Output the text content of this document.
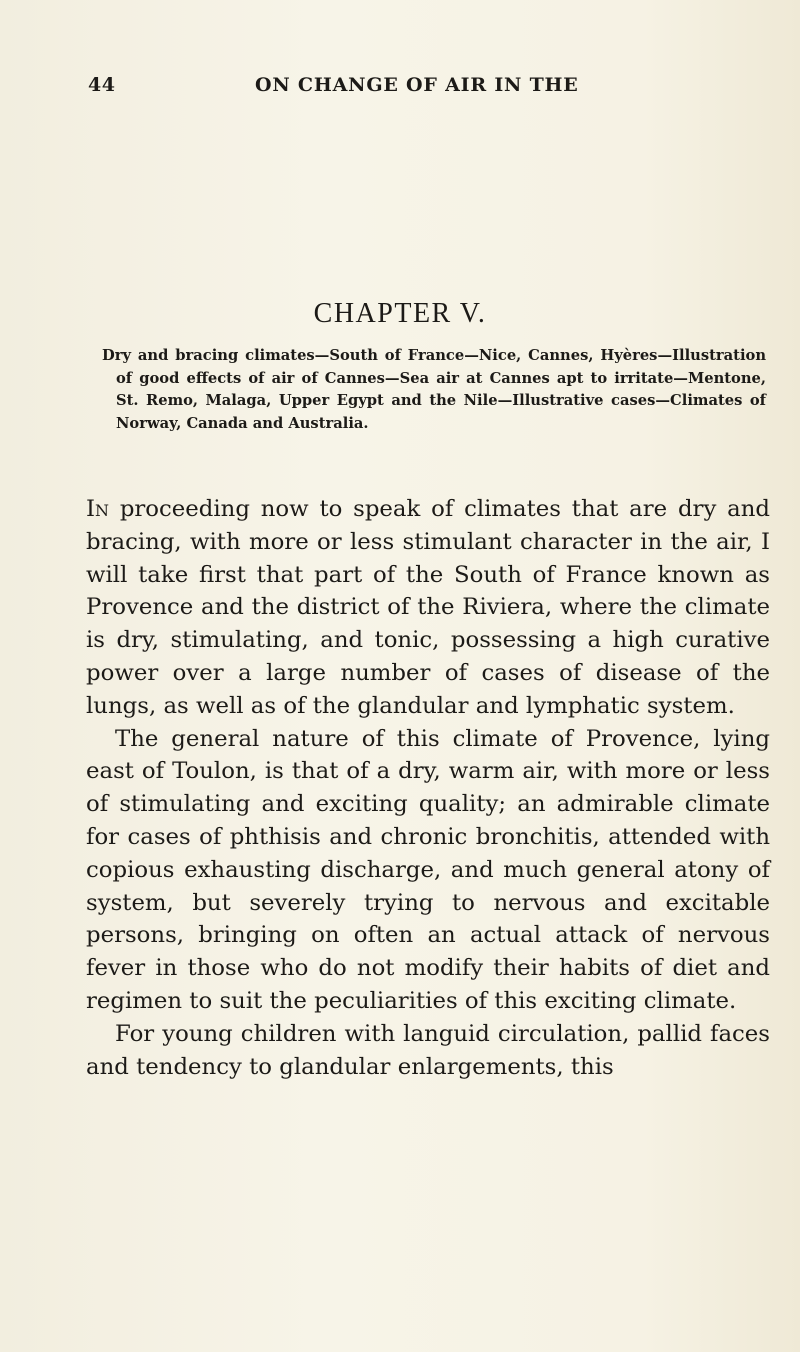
44	ON CHANGE OF AIR IN THE
CHAPTER V.
Dry and bracing climates—South of France—Nice, Cannes, Hyères—Illustration of good effects of air of Cannes—Sea air at Cannes apt to irritate—Mentone, St. Remo, Malaga, Upper Egypt and the Nile—Illustrative cases—Climates of Norway, Canada and Australia.

In proceeding now to speak of climates that are dry and bracing, with more or less stimulant character in the air, I will take first that part of the South of France known as Provence and the district of the Riviera, where the climate is dry, stimulating, and tonic, possessing a high curative power over a large number of cases of disease of the lungs, as well as of the glandular and lymphatic system.

The general nature of this climate of Provence, lying east of Toulon, is that of a dry, warm air, with more or less of stimulating and exciting quality; an admirable climate for cases of phthisis and chronic bronchitis, attended with copious exhausting discharge, and much general atony of system, but severely trying to nervous and excitable persons, bringing on often an actual attack of nervous fever in those who do not modify their habits of diet and regimen to suit the peculiarities of this exciting climate.

For young children with languid circulation, pallid faces and tendency to glandular enlargements, this
